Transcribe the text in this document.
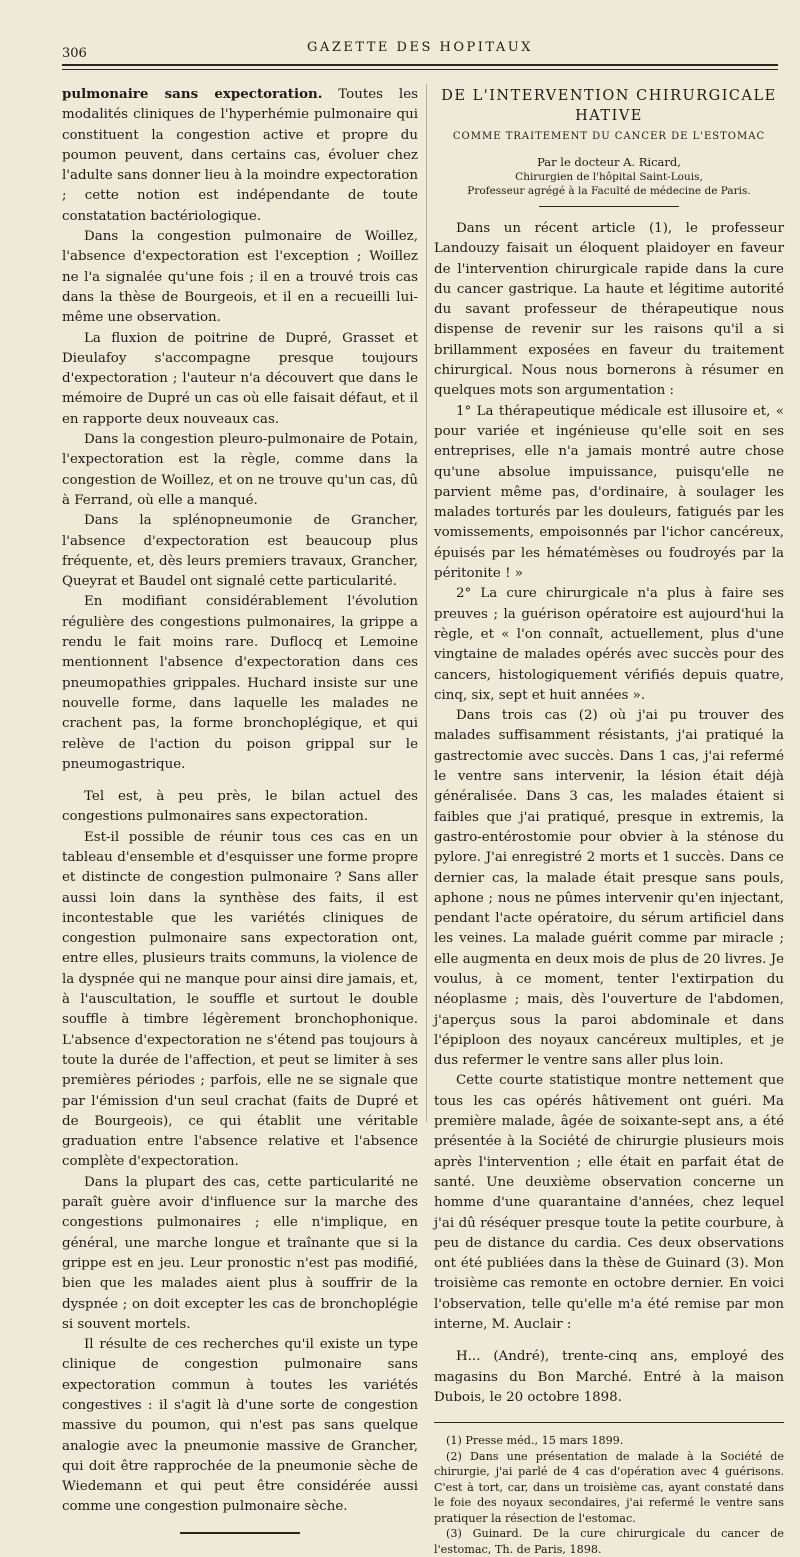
306	GAZETTE DES HOPITAUX

pulmonaire sans expectoration. Toutes les modalités cliniques de l'hyperhémie pulmonaire qui constituent la congestion active et propre du poumon peuvent, dans certains cas, évoluer chez l'adulte sans donner lieu à la moindre expectoration ; cette notion est indépendante de toute constatation bactériologique.

Dans la congestion pulmonaire de Woillez, l'absence d'expectoration est l'exception ; Woillez ne l'a signalée qu'une fois ; il en a trouvé trois cas dans la thèse de Bourgeois, et il en a recueilli lui-même une observation.

La fluxion de poitrine de Dupré, Grasset et Dieulafoy s'accompagne presque toujours d'expectoration ; l'auteur n'a découvert que dans le mémoire de Dupré un cas où elle faisait défaut, et il en rapporte deux nouveaux cas.

Dans la congestion pleuro-pulmonaire de Potain, l'expectoration est la règle, comme dans la congestion de Woillez, et on ne trouve qu'un cas, dû à Ferrand, où elle a manqué.

Dans la splénopneumonie de Grancher, l'absence d'expectoration est beaucoup plus fréquente, et, dès leurs premiers travaux, Grancher, Queyrat et Baudel ont signalé cette particularité.

En modifiant considérablement l'évolution régulière des congestions pulmonaires, la grippe a rendu le fait moins rare. Duflocq et Lemoine mentionnent l'absence d'expectoration dans ces pneumopathies grippales. Huchard insiste sur une nouvelle forme, dans laquelle les malades ne crachent pas, la forme bronchoplégique, et qui relève de l'action du poison grippal sur le pneumogastrique.

Tel est, à peu près, le bilan actuel des congestions pulmonaires sans expectoration.

Est-il possible de réunir tous ces cas en un tableau d'ensemble et d'esquisser une forme propre et distincte de congestion pulmonaire ? Sans aller aussi loin dans la synthèse des faits, il est incontestable que les variétés cliniques de congestion pulmonaire sans expectoration ont, entre elles, plusieurs traits communs, la violence de la dyspnée qui ne manque pour ainsi dire jamais, et, à l'auscultation, le souffle et surtout le double souffle à timbre légèrement bronchophonique. L'absence d'expectoration ne s'étend pas toujours à toute la durée de l'affection, et peut se limiter à ses premières périodes ; parfois, elle ne se signale que par l'émission d'un seul crachat (faits de Dupré et de Bourgeois), ce qui établit une véritable graduation entre l'absence relative et l'absence complète d'expectoration.

Dans la plupart des cas, cette particularité ne paraît guère avoir d'influence sur la marche des congestions pulmonaires ; elle n'implique, en général, une marche longue et traînante que si la grippe est en jeu. Leur pronostic n'est pas modifié, bien que les malades aient plus à souffrir de la dyspnée ; on doit excepter les cas de bronchoplégie si souvent mortels.

Il résulte de ces recherches qu'il existe un type clinique de congestion pulmonaire sans expectoration commun à toutes les variétés congestives : il s'agit là d'une sorte de congestion massive du poumon, qui n'est pas sans quelque analogie avec la pneumonie massive de Grancher, qui doit être rapprochée de la pneumonie sèche de Wiedemann et qui peut être considérée aussi comme une congestion pulmonaire sèche.

DE L'INTERVENTION CHIRURGICALE HATIVE
COMME TRAITEMENT DU CANCER DE L'ESTOMAC
Par le docteur A. Ricard,
Chirurgien de l'hôpital Saint-Louis,
Professeur agrégé à la Faculté de médecine de Paris.

Dans un récent article (1), le professeur Landouzy faisait un éloquent plaidoyer en faveur de l'intervention chirurgicale rapide dans la cure du cancer gastrique. La haute et légitime autorité du savant professeur de thérapeutique nous dispense de revenir sur les raisons qu'il a si brillamment exposées en faveur du traitement chirurgical. Nous nous bornerons à résumer en quelques mots son argumentation :

1° La thérapeutique médicale est illusoire et, « pour variée et ingénieuse qu'elle soit en ses entreprises, elle n'a jamais montré autre chose qu'une absolue impuissance, puisqu'elle ne parvient même pas, d'ordinaire, à soulager les malades torturés par les douleurs, fatigués par les vomissements, empoisonnés par l'ichor cancéreux, épuisés par les hématémèses ou foudroyés par la péritonite ! »

2° La cure chirurgicale n'a plus à faire ses preuves ; la guérison opératoire est aujourd'hui la règle, et « l'on connaît, actuellement, plus d'une vingtaine de malades opérés avec succès pour des cancers, histologiquement vérifiés depuis quatre, cinq, six, sept et huit années ».

Dans trois cas (2) où j'ai pu trouver des malades suffisamment résistants, j'ai pratiqué la gastrectomie avec succès. Dans 1 cas, j'ai refermé le ventre sans intervenir, la lésion était déjà généralisée. Dans 3 cas, les malades étaient si faibles que j'ai pratiqué, presque in extremis, la gastro-entérostomie pour obvier à la sténose du pylore. J'ai enregistré 2 morts et 1 succès. Dans ce dernier cas, la malade était presque sans pouls, aphone ; nous ne pûmes intervenir qu'en injectant, pendant l'acte opératoire, du sérum artificiel dans les veines. La malade guérit comme par miracle ; elle augmenta en deux mois de plus de 20 livres. Je voulus, à ce moment, tenter l'extirpation du néoplasme ; mais, dès l'ouverture de l'abdomen, j'aperçus sous la paroi abdominale et dans l'épiploon des noyaux cancéreux multiples, et je dus refermer le ventre sans aller plus loin.

Cette courte statistique montre nettement que tous les cas opérés hâtivement ont guéri. Ma première malade, âgée de soixante-sept ans, a été présentée à la Société de chirurgie plusieurs mois après l'intervention ; elle était en parfait état de santé. Une deuxième observation concerne un homme d'une quarantaine d'années, chez lequel j'ai dû réséquer presque toute la petite courbure, à peu de distance du cardia. Ces deux observations ont été publiées dans la thèse de Guinard (3). Mon troisième cas remonte en octobre dernier. En voici l'observation, telle qu'elle m'a été remise par mon interne, M. Auclair :

H... (André), trente-cinq ans, employé des magasins du Bon Marché. Entré à la maison Dubois, le 20 octobre 1898.

(1) Presse méd., 15 mars 1899.

(2) Dans une présentation de malade à la Société de chirurgie, j'ai parlé de 4 cas d'opération avec 4 guérisons. C'est à tort, car, dans un troisième cas, ayant constaté dans le foie des noyaux secondaires, j'ai refermé le ventre sans pratiquer la résection de l'estomac.

(3) Guinard. De la cure chirurgicale du cancer de l'estomac, Th. de Paris, 1898.
